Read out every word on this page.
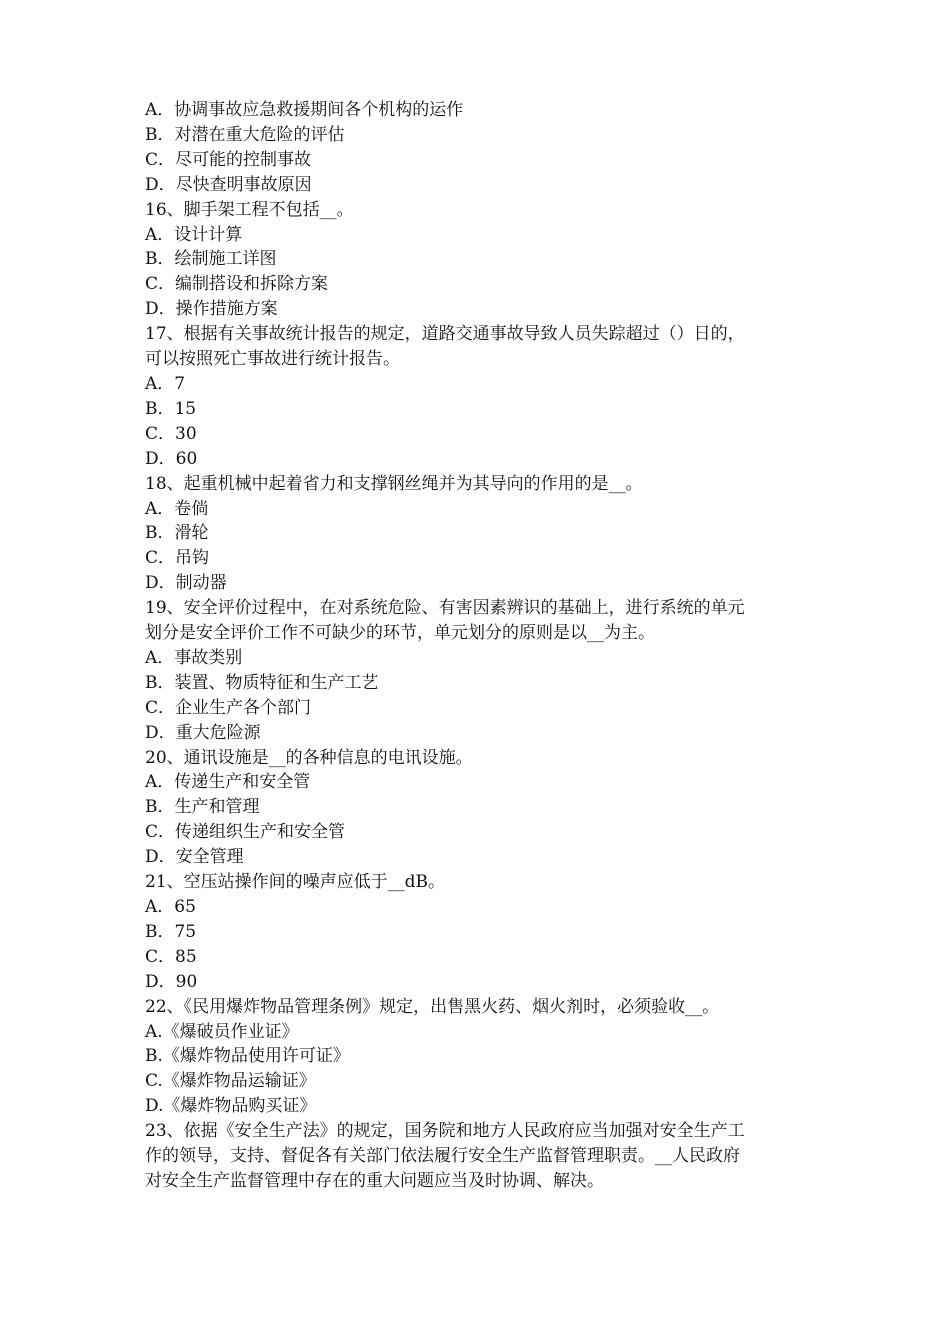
A．协调事故应急救援期间各个机构的运作

B．对潜在重大危险的评估

C．尽可能的控制事故

D．尽快查明事故原因

16、脚手架工程不包括__。

A．设计计算

B．绘制施工详图

C．编制搭设和拆除方案

D．操作措施方案

17、根据有关事故统计报告的规定，道路交通事故导致人员失踪超过（）日的，

可以按照死亡事故进行统计报告。

A．7

B．15

C．30

D．60

18、起重机械中起着省力和支撑钢丝绳并为其导向的作用的是__。

A．卷倘

B．滑轮

C．吊钩

D．制动器

19、安全评价过程中，在对系统危险、有害因素辨识的基础上，进行系统的单元

划分是安全评价工作不可缺少的环节，单元划分的原则是以__为主。

A．事故类别

B．装置、物质特征和生产工艺

C．企业生产各个部门

D．重大危险源

20、通讯设施是__的各种信息的电讯设施。

A．传递生产和安全管

B．生产和管理

C．传递组织生产和安全管

D．安全管理

21、空压站操作间的噪声应低于__dB。

A．65

B．75

C．85

D．90

22、《民用爆炸物品管理条例》规定，出售黑火药、烟火剂时，必须验收__。

A.《爆破员作业证》

B.《爆炸物品使用许可证》

C.《爆炸物品运输证》

D.《爆炸物品购买证》

23、依据《安全生产法》的规定，国务院和地方人民政府应当加强对安全生产工

作的领导，支持、督促各有关部门依法履行安全生产监督管理职责。__人民政府

对安全生产监督管理中存在的重大问题应当及时协调、解决。
